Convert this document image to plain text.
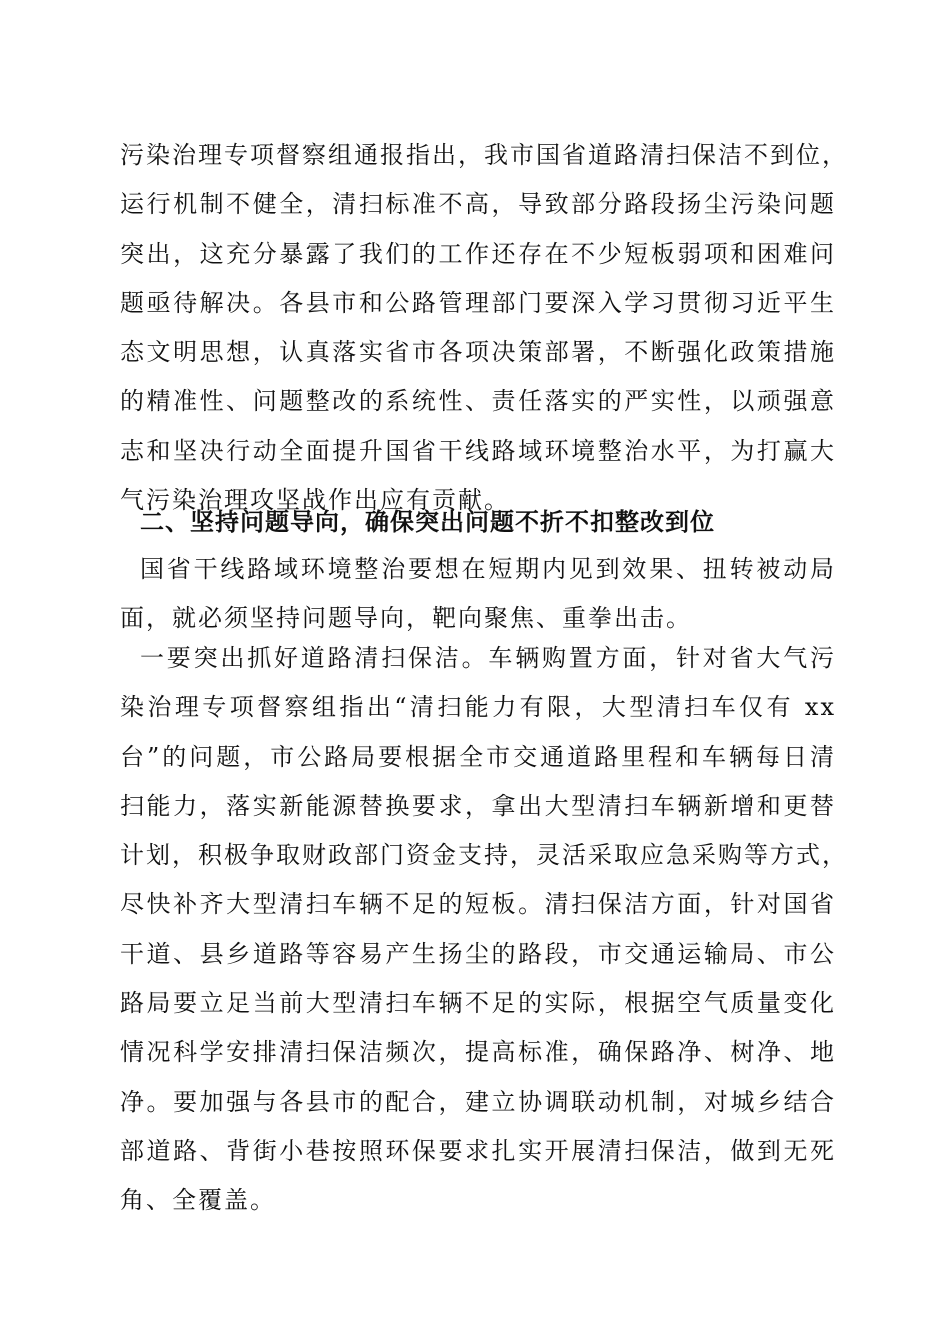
污染治理专项督察组通报指出，我市国省道路清扫保洁不到位，
运行机制不健全，清扫标准不高，导致部分路段扬尘污染问题
突出，这充分暴露了我们的工作还存在不少短板弱项和困难问
题亟待解决。各县市和公路管理部门要深入学习贯彻习近平生
态文明思想，认真落实省市各项决策部署，不断强化政策措施
的精准性、问题整改的系统性、责任落实的严实性，以顽强意
志和坚决行动全面提升国省干线路域环境整治水平，为打赢大
气污染治理攻坚战作出应有贡献。
二、坚持问题导向，确保突出问题不折不扣整改到位
国省干线路域环境整治要想在短期内见到效果、扭转被动局
面，就必须坚持问题导向，靶向聚焦、重拳出击。
一要突出抓好道路清扫保洁。车辆购置方面，针对省大气污
染治理专项督察组指出“清扫能力有限，大型清扫车仅有 xx
台”的问题，市公路局要根据全市交通道路里程和车辆每日清
扫能力，落实新能源替换要求，拿出大型清扫车辆新增和更替
计划，积极争取财政部门资金支持，灵活采取应急采购等方式，
尽快补齐大型清扫车辆不足的短板。清扫保洁方面，针对国省
干道、县乡道路等容易产生扬尘的路段，市交通运输局、市公
路局要立足当前大型清扫车辆不足的实际，根据空气质量变化
情况科学安排清扫保洁频次，提高标准，确保路净、树净、地
净。要加强与各县市的配合，建立协调联动机制，对城乡结合
部道路、背街小巷按照环保要求扎实开展清扫保洁，做到无死
角、全覆盖。
